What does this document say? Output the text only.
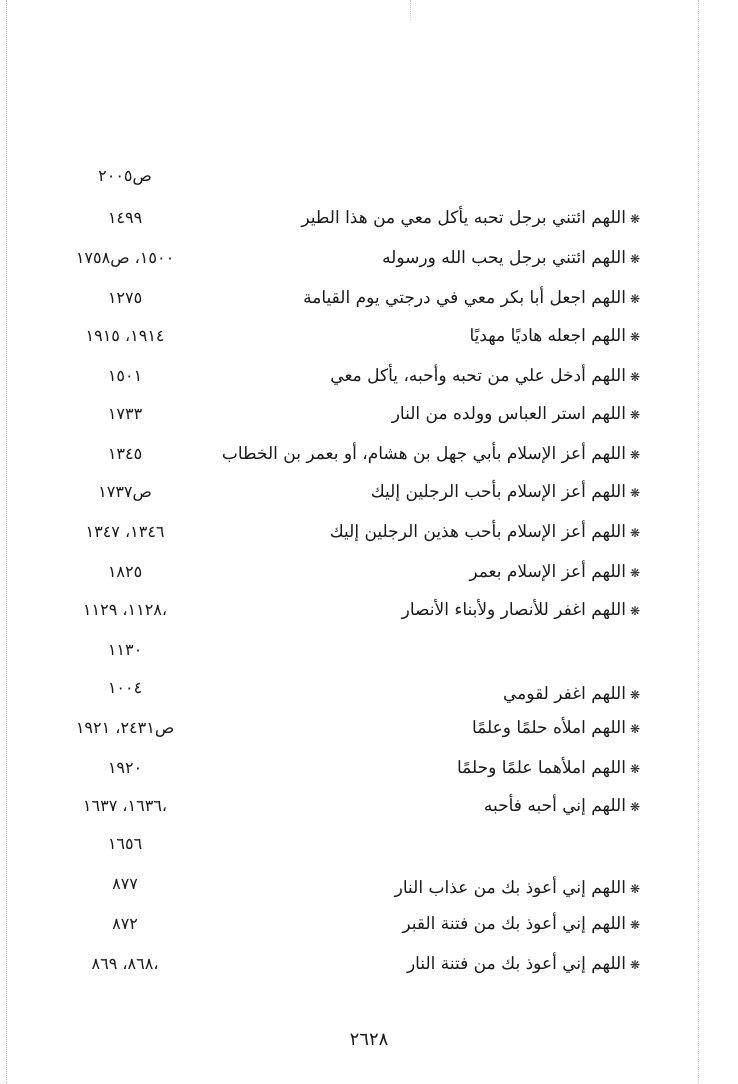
ص٢٠٠٥
❋اللهم ائتني برجل تحبه يأكل معي من هذا الطير
١٤٩٩
❋اللهم ائتني برجل يحب الله ورسوله
١٥٠٠، ص١٧٥٨
❋اللهم اجعل أبا بكر معي في درجتي يوم القيامة
١٢٧٥
❋اللهم اجعله هاديًا مهديًا
١٩١٤، ١٩١٥
❋اللهم أدخل علي من تحبه وأحبه، يأكل معي
١٥٠١
❋اللهم استر العباس وولده من النار
١٧٣٣
❋اللهم أعز الإسلام بأبي جهل بن هشام، أو بعمر بن الخطاب
١٣٤٥
❋اللهم أعز الإسلام بأحب الرجلين إليك
ص١٧٣٧
❋اللهم أعز الإسلام بأحب هذين الرجلين إليك
١٣٤٦، ١٣٤٧
❋اللهم أعز الإسلام بعمر
١٨٢٥
❋اللهم اغفر للأنصار ولأبناء الأنصار
١١٢٨، ١١٢٩،
١١٣٠
❋اللهم اغفر لقومي
١٠٠٤
❋اللهم املأه حلمًا وعلمًا
ص٢٤٣١، ١٩٢١
❋اللهم املأهما علمًا وحلمًا
١٩٢٠
❋اللهم إني أحبه فأحبه
١٦٣٦، ١٦٣٧،
١٦٥٦
❋اللهم إني أعوذ بك من عذاب النار
٨٧٧
❋اللهم إني أعوذ بك من فتنة القبر
٨٧٢
❋اللهم إني أعوذ بك من فتنة النار
٨٦٨، ٨٦٩،
٢٦٢٨
